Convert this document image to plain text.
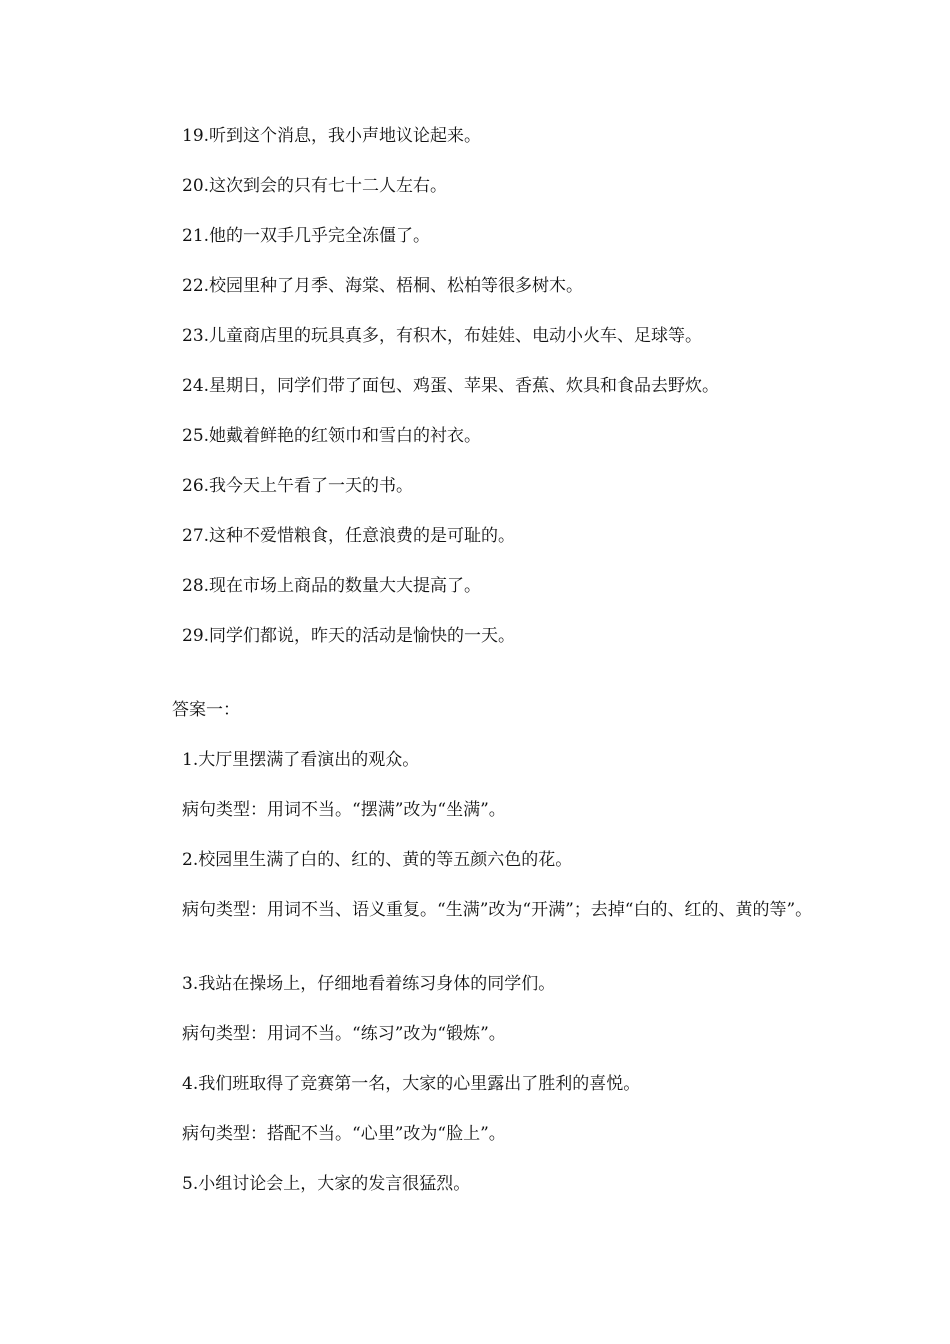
19.听到这个消息，我小声地议论起来。
20.这次到会的只有七十二人左右。
21.他的一双手几乎完全冻僵了。
22.校园里种了月季、海棠、梧桐、松柏等很多树木。
23.儿童商店里的玩具真多，有积木，布娃娃、电动小火车、足球等。
24.星期日，同学们带了面包、鸡蛋、苹果、香蕉、炊具和食品去野炊。
25.她戴着鲜艳的红领巾和雪白的衬衣。
26.我今天上午看了一天的书。
27.这种不爱惜粮食，任意浪费的是可耻的。
28.现在市场上商品的数量大大提高了。
29.同学们都说，昨天的活动是愉快的一天。
答案一：
1.大厅里摆满了看演出的观众。
病句类型：用词不当。“摆满”改为“坐满”。
2.校园里生满了白的、红的、黄的等五颜六色的花。
病句类型：用词不当、语义重复。“生满”改为“开满”；去掉“白的、红的、黄的等”。
3.我站在操场上，仔细地看着练习身体的同学们。
病句类型：用词不当。“练习”改为“锻炼”。
4.我们班取得了竞赛第一名，大家的心里露出了胜利的喜悦。
病句类型：搭配不当。“心里”改为“脸上”。
5.小组讨论会上，大家的发言很猛烈。
